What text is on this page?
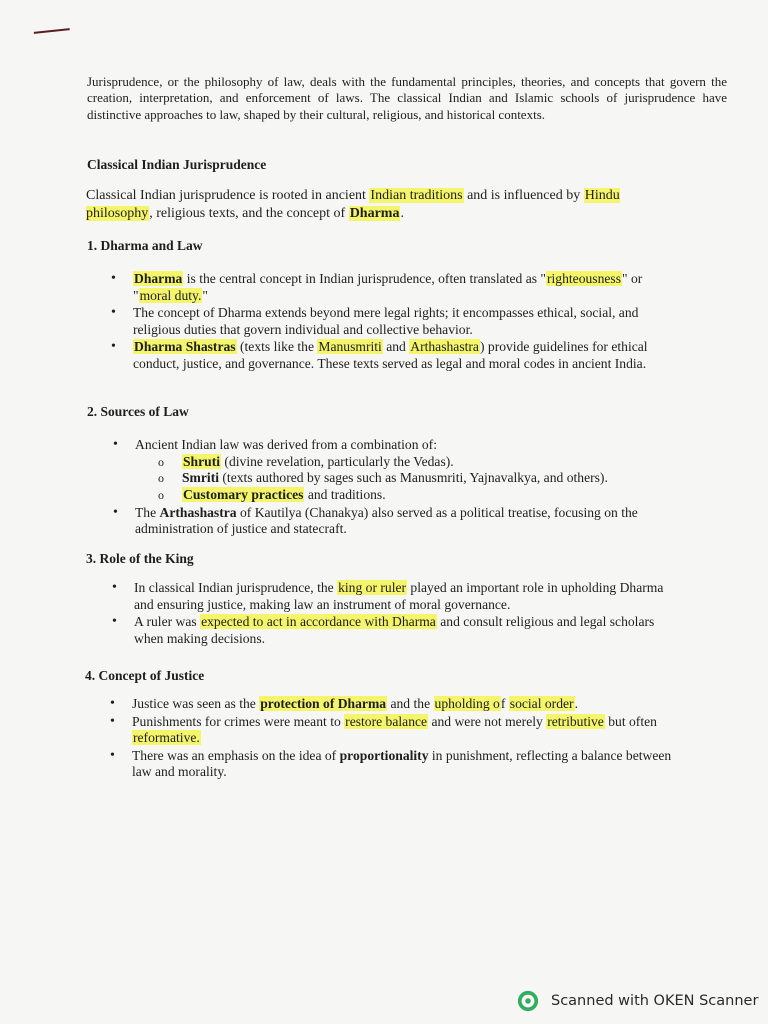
Jurisprudence, or the philosophy of law, deals with the fundamental principles, theories, and concepts that govern the creation, interpretation, and enforcement of laws. The classical Indian and Islamic schools of jurisprudence have distinctive approaches to law, shaped by their cultural, religious, and historical contexts.

Classical Indian Jurisprudence

Classical Indian jurisprudence is rooted in ancient Indian traditions and is influenced by Hindu philosophy, religious texts, and the concept of Dharma.

1. Dharma and Law

• Dharma is the central concept in Indian jurisprudence, often translated as "righteousness" or "moral duty."
• The concept of Dharma extends beyond mere legal rights; it encompasses ethical, social, and religious duties that govern individual and collective behavior.
• Dharma Shastras (texts like the Manusmriti and Arthashastra) provide guidelines for ethical conduct, justice, and governance. These texts served as legal and moral codes in ancient India.

2. Sources of Law

• Ancient Indian law was derived from a combination of:
o Shruti (divine revelation, particularly the Vedas).
o Smriti (texts authored by sages such as Manusmriti, Yajnavalkya, and others).
o Customary practices and traditions.
• The Arthashastra of Kautilya (Chanakya) also served as a political treatise, focusing on the administration of justice and statecraft.

3. Role of the King

• In classical Indian jurisprudence, the king or ruler played an important role in upholding Dharma and ensuring justice, making law an instrument of moral governance.
• A ruler was expected to act in accordance with Dharma and consult religious and legal scholars when making decisions.

4. Concept of Justice

• Justice was seen as the protection of Dharma and the upholding of social order.
• Punishments for crimes were meant to restore balance and were not merely retributive but often reformative.
• There was an emphasis on the idea of proportionality in punishment, reflecting a balance between law and morality.
Scanned with OKEN Scanner
